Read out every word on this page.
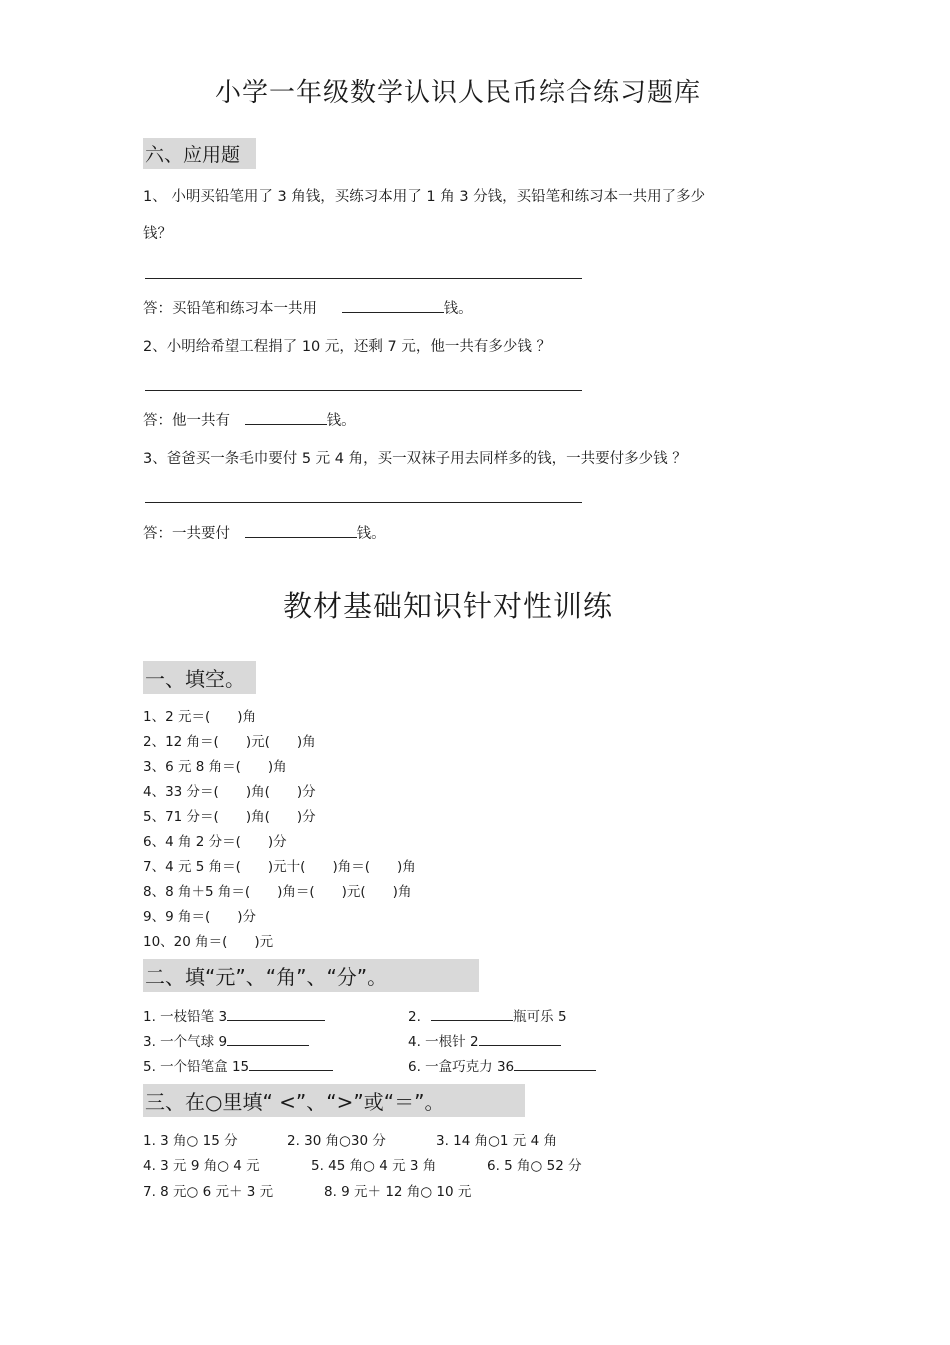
小学一年级数学认识人民币综合练习题库
六、应用题
1、 小明买铅笔用了 3 角钱，买练习本用了 1 角 3 分钱，买铅笔和练习本一共用了多少
钱？
答：买铅笔和练习本一共用	钱。
2、小明给希望工程捐了 10 元，还剩 7 元，他一共有多少钱 ？
答：他一共有	钱。
3、爸爸买一条毛巾要付 5 元 4 角，买一双袜子用去同样多的钱，一共要付多少钱 ？
答：一共要付	钱。
教材基础知识针对性训练
一、填空。
1、2 元＝(　　)角
2、12 角＝(　　)元(　　)角
3、6 元 8 角＝(　　)角
4、33 分＝(　　)角(　　)分
5、71 分＝(　　)角(　　)分
6、4 角 2 分＝(　　)分
7、4 元 5 角＝(　　)元十(　　)角＝(　　)角
8、8 角＋5 角＝(　　)角＝(　　)元(　　)角
9、9 角＝(　　)分
10、20 角＝(　　)元
二、填“元”、“角”、“分”。
1. 一枝铅笔 3	2.	瓶可乐 5
3. 一个气球 9	4. 一根针 2
5. 一个铅笔盒 15	6. 一盒巧克力 36
三、在○里填“ <”、“>”或“＝”。
1. 3 角○ 15 分	2. 30 角○30 分	3. 14 角○1 元 4 角
4. 3 元 9 角○ 4 元	5. 45 角○ 4 元 3 角	6. 5 角○ 52 分
7. 8 元○ 6 元＋ 3 元	8. 9 元＋ 12 角○ 10 元
